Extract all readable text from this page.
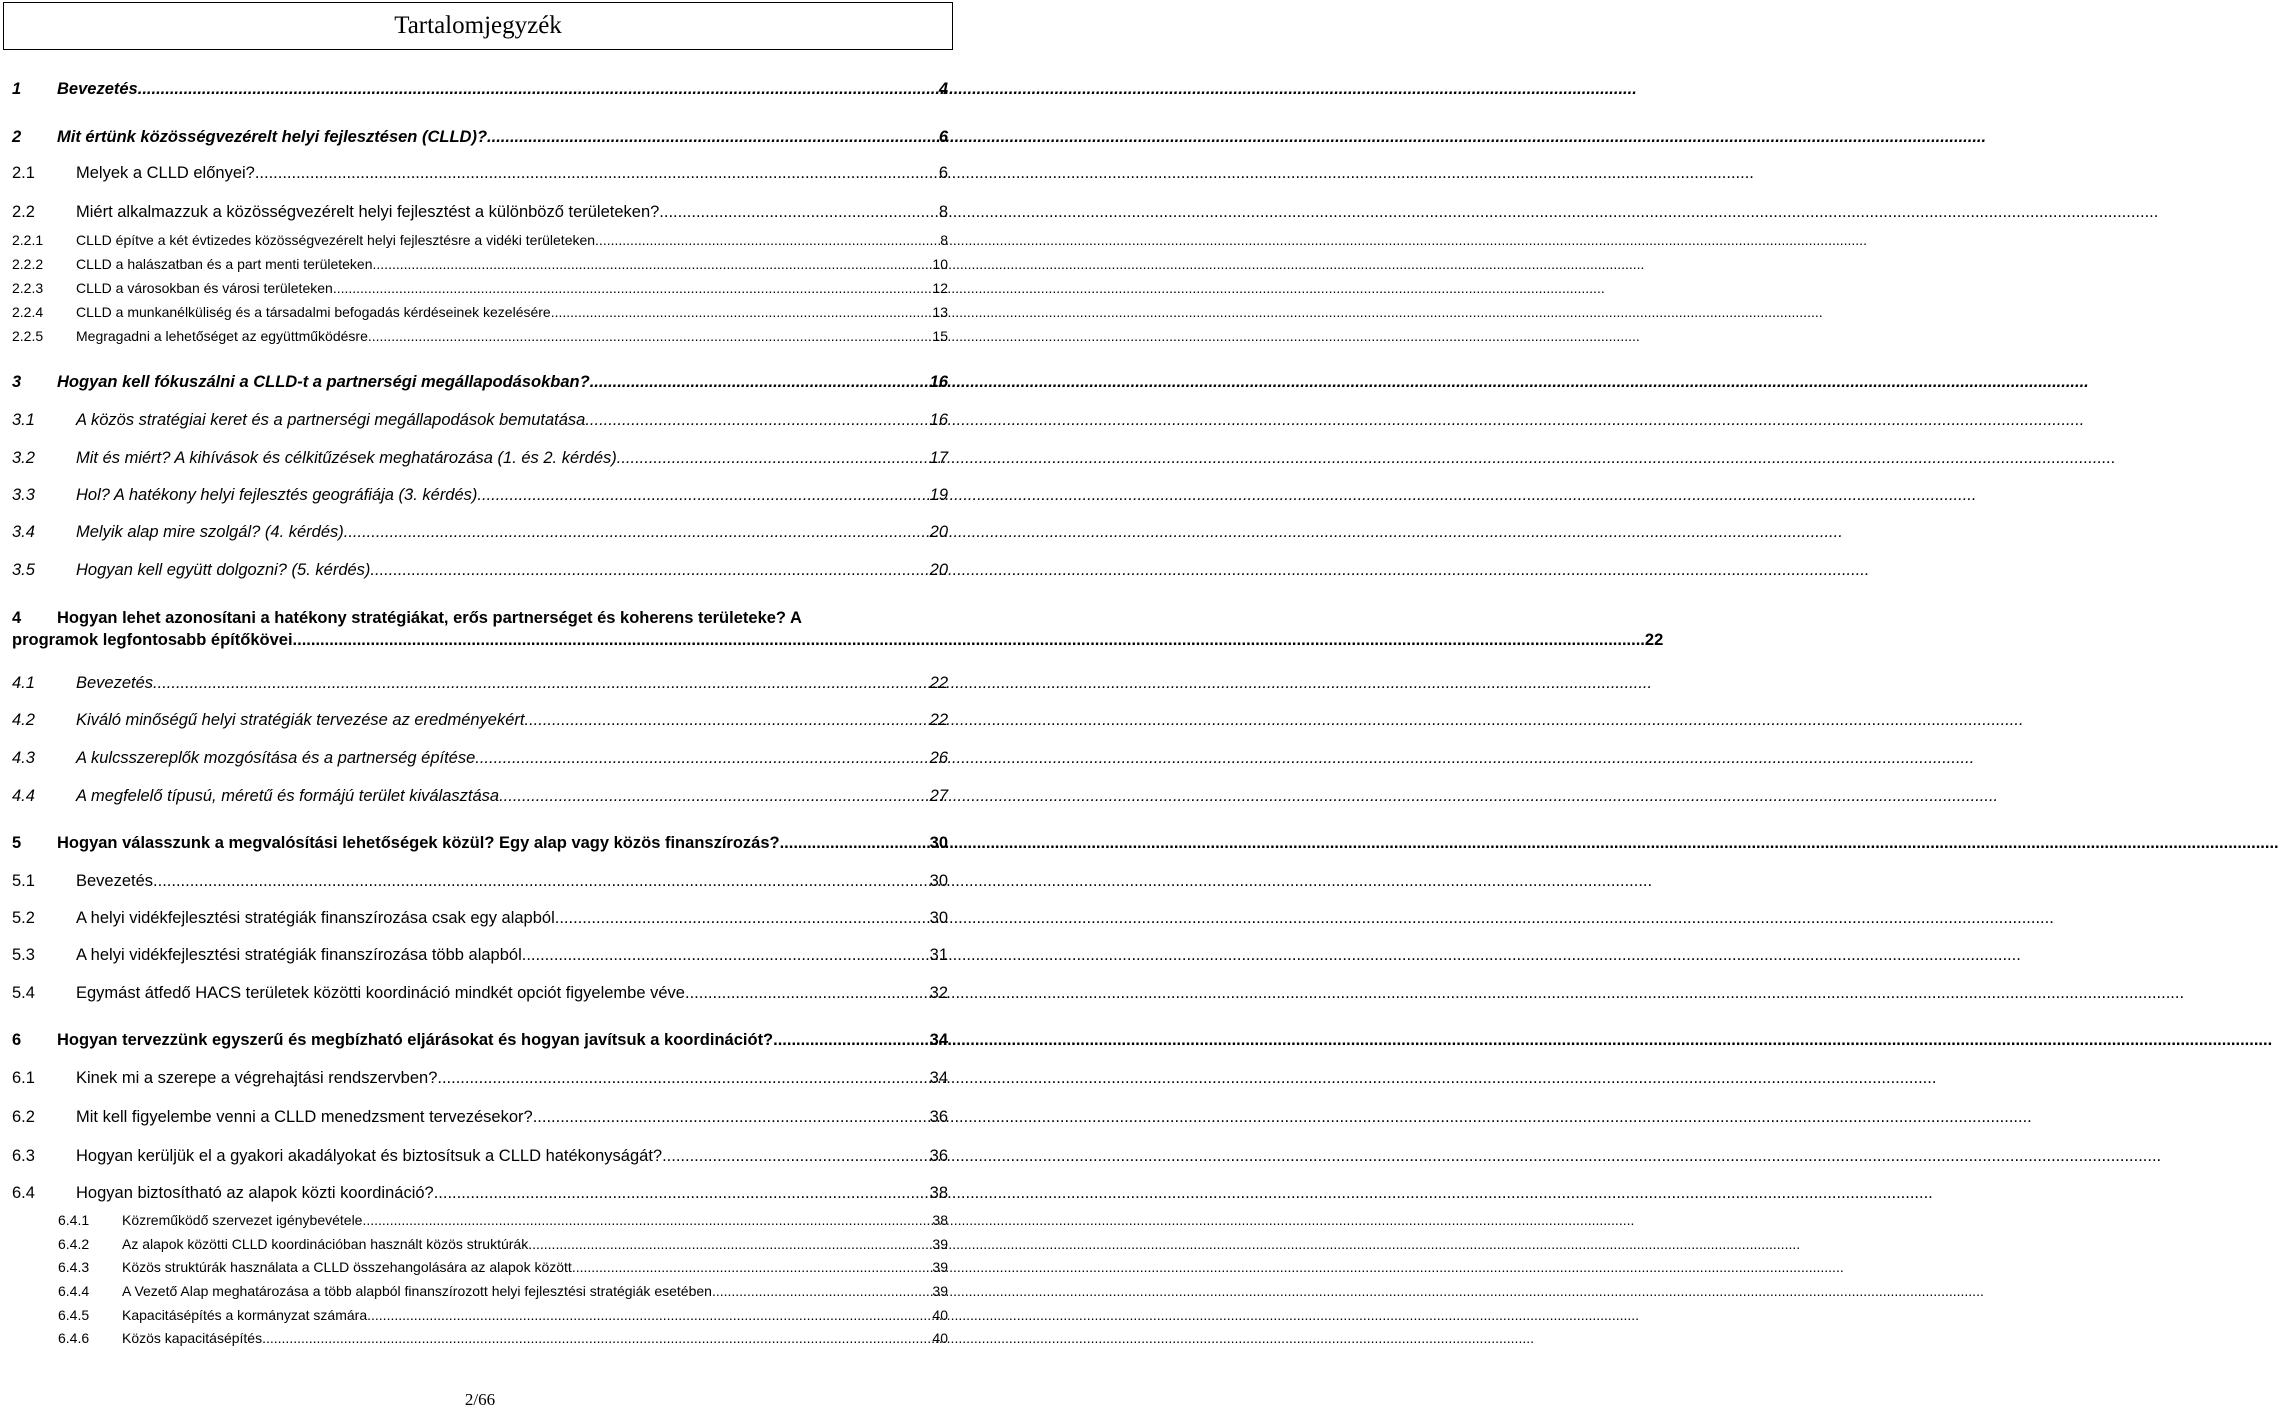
Tartalomjegyzék
1	Bevezetés .....	4
2	Mit értünk közösségvezérelt helyi fejlesztésen (CLLD)? .....	6
2.1	Melyek a CLLD előnyei? .....	6
2.2	Miért alkalmazzuk a közösségvezérelt helyi fejlesztést a különböző területeken? .....	8
2.2.1	CLLD építve a két évtizedes közösségvezérelt helyi fejlesztésre a vidéki területeken .....	8
2.2.2	CLLD a halászatban és a part menti területeken .....	10
2.2.3	CLLD a városokban és városi területeken .....	12
2.2.4	CLLD a munkanélküliség és a társadalmi befogadás kérdéseinek kezelésére .....	13
2.2.5	Megragadni a lehetőséget az együttműködésre .....	15
3	Hogyan kell fókuszálni a CLLD-t a partnerségi megállapodásokban? .....	16
3.1	A közös stratégiai keret és a partnerségi megállapodások bemutatása .....	16
3.2	Mit és miért? A kihívások és célkitűzések meghatározása (1. és 2. kérdés) .....	17
3.3	Hol? A hatékony helyi fejlesztés geográfiája (3. kérdés) .....	19
3.4	Melyik alap mire szolgál? (4. kérdés) .....	20
3.5	Hogyan kell együtt dolgozni? (5. kérdés) .....	20
4 Hogyan lehet azonosítani a hatékony stratégiákat, erős partnerséget és koherens területeke? A
programok legfontosabb építőkövei .....	22
4.1	Bevezetés .....	22
4.2	Kiváló minőségű helyi stratégiák tervezése az eredményekért .....	22
4.3	A kulcsszereplők mozgósítása és a partnerség építése .....	26
4.4	A megfelelő típusú, méretű és formájú terület kiválasztása .....	27
5	Hogyan válasszunk a megvalósítási lehetőségek közül? Egy alap vagy közös finanszírozás? .....	30
5.1	Bevezetés .....	30
5.2	A helyi vidékfejlesztési stratégiák finanszírozása csak egy alapból .....	30
5.3	A helyi vidékfejlesztési stratégiák finanszírozása több alapból .....	31
5.4	Egymást átfedő HACS területek közötti koordináció mindkét opciót figyelembe véve .....	32
6	Hogyan tervezzünk egyszerű és megbízható eljárásokat és hogyan javítsuk a koordinációt? .....	34
6.1	Kinek mi a szerepe a végrehajtási rendszervben? .....	34
6.2	Mit kell figyelembe venni a CLLD menedzsment tervezésekor? .....	36
6.3	Hogyan kerüljük el a gyakori akadályokat és biztosítsuk a CLLD hatékonyságát? .....	36
6.4	Hogyan biztosítható az alapok közti koordináció? .....	38
6.4.1	Közreműködő szervezet igénybevétele .....	38
6.4.2	Az alapok közötti CLLD koordinációban használt közös struktúrák .....	39
6.4.3	Közös struktúrák használata a CLLD összehangolására az alapok között .....	39
6.4.4	A Vezető Alap meghatározása a több alapból finanszírozott helyi fejlesztési stratégiák esetében .....	39
6.4.5	Kapacitásépítés a kormányzat számára .....	40
6.4.6	Közös kapacitásépítés .....	40
2/66
